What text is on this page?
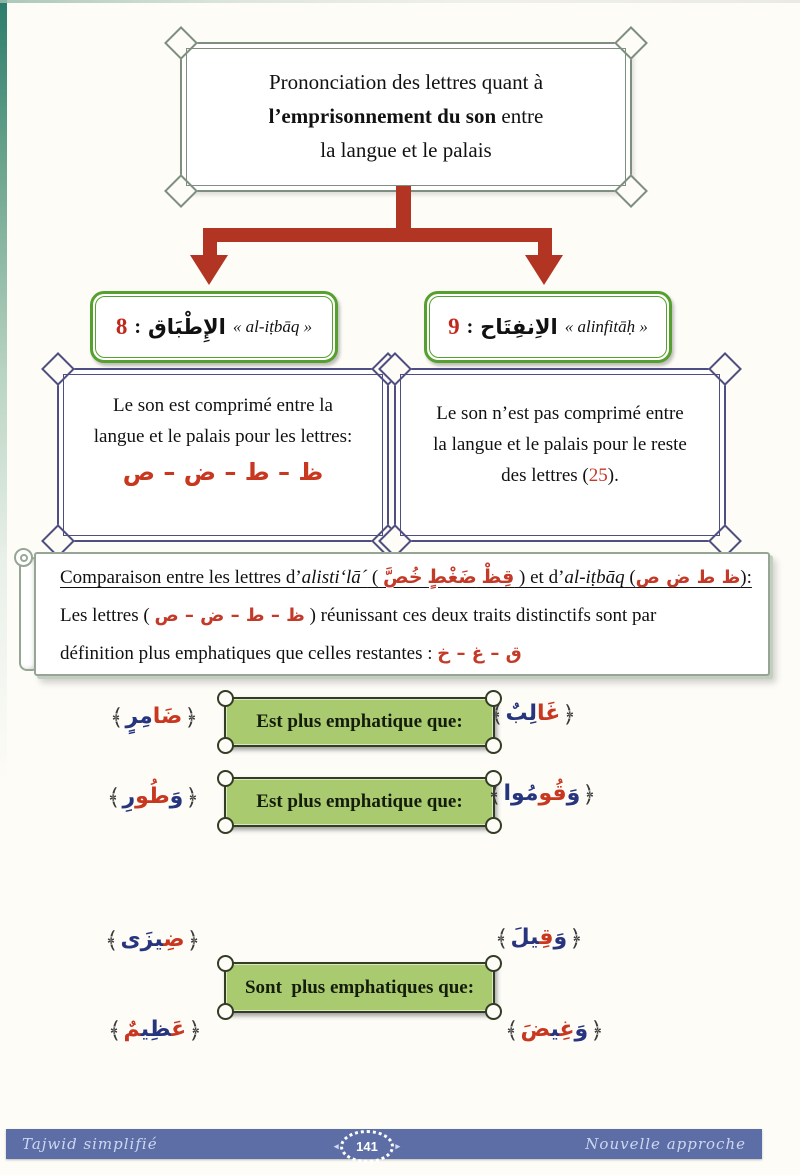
Prononciation des lettres quant à
l’emprisonnement du son entre
la langue et le palais
8 : الإِطْبَاق « al-iṭbāq »	9 : الاِنفِتَاح « alinfitāḥ »
Le son est comprimé entre la langue et le palais pour les lettres:
ص – ض – ط – ظ
Le son n’est pas comprimé entre la langue et le palais pour le reste des lettres (25).
Comparaison entre les lettres d’alisti‘lā´ ( خُصَّ ضَغْطٍ قِظْ ) et d’al-iṭbāq (ص ض ط ظ):
Les lettres ( ص – ض – ط – ظ ) réunissant ces deux traits distinctifs sont par
définition plus emphatiques que celles restantes : خ – غ – ق
﴾ ضَامِرٍ ﴿	Est plus emphatique que: ﴾ غَالِبٌ ﴿
﴾ وَطُورِ ﴿	Est plus emphatique que: ﴾	وَقُومُوا ﴿
﴾ ضِ‍‍يزَى ﴿	﴾ وَقِ‍‍يلَ ﴿
Sont  plus emphatiques que:
﴾ عَ‍‍ظِي‍‍مٌ ﴿	﴾	وَغِ‍‍ي‍‍ضَ ﴿
Tajwid simplifié	Nouvelle approche
◂ 141
▸
